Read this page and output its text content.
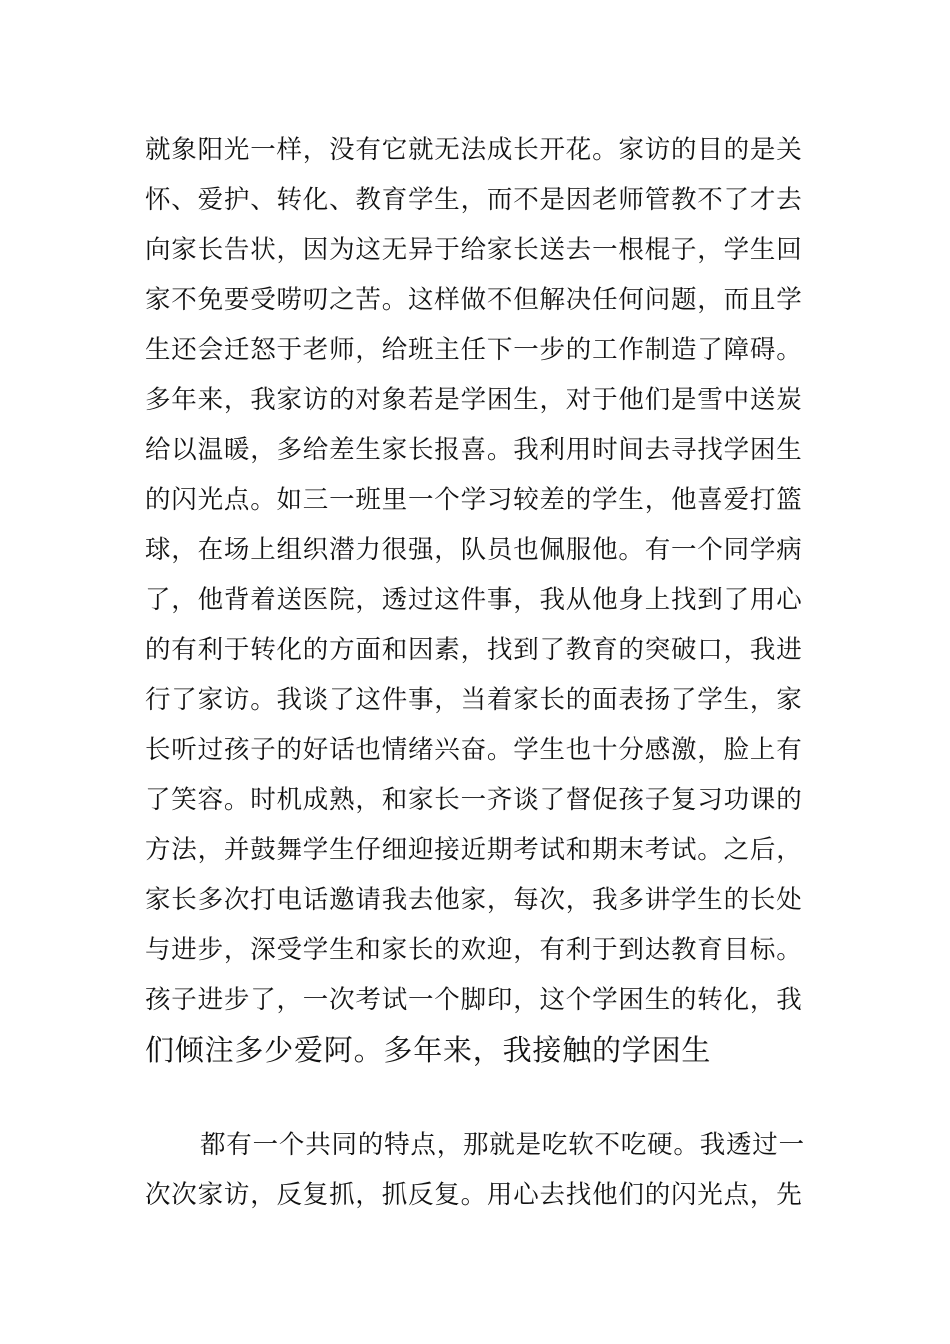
就象阳光一样，没有它就无法成长开花。家访的目的是关
怀、爱护、转化、教育学生，而不是因老师管教不了才去
向家长告状，因为这无异于给家长送去一根棍子，学生回
家不免要受唠叨之苦。这样做不但解决任何问题，而且学
生还会迁怒于老师，给班主任下一步的工作制造了障碍。
多年来，我家访的对象若是学困生，对于他们是雪中送炭
给以温暖，多给差生家长报喜。我利用时间去寻找学困生
的闪光点。如三一班里一个学习较差的学生，他喜爱打篮
球，在场上组织潜力很强，队员也佩服他。有一个同学病
了，他背着送医院，透过这件事，我从他身上找到了用心
的有利于转化的方面和因素，找到了教育的突破口，我进
行了家访。我谈了这件事，当着家长的面表扬了学生，家
长听过孩子的好话也情绪兴奋。学生也十分感激，脸上有
了笑容。时机成熟，和家长一齐谈了督促孩子复习功课的
方法，并鼓舞学生仔细迎接近期考试和期末考试。之后，
家长多次打电话邀请我去他家，每次，我多讲学生的长处
与进步，深受学生和家长的欢迎，有利于到达教育目标。
孩子进步了，一次考试一个脚印，这个学困生的转化，我
们倾注多少爱阿。多年来，我接触的学困生
都有一个共同的特点，那就是吃软不吃硬。我透过一
次次家访，反复抓，抓反复。用心去找他们的闪光点，先
